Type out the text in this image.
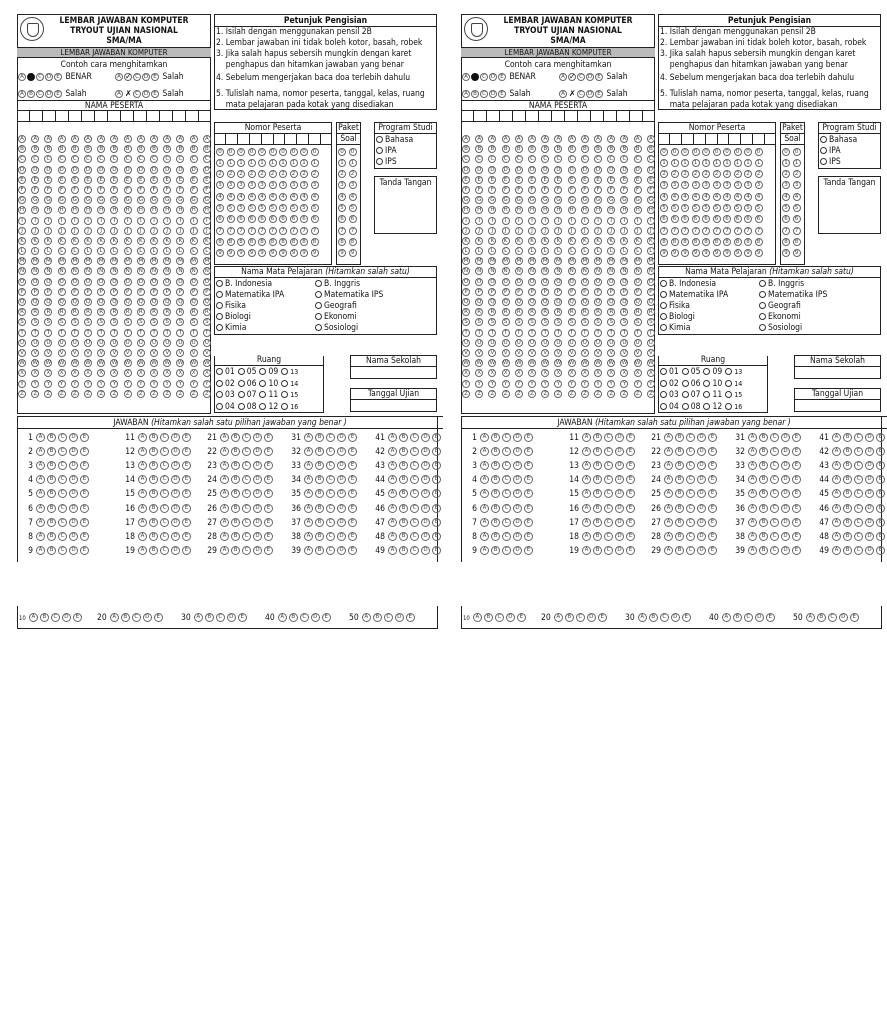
LEMBAR JAWABAN KOMPUTER
TRYOUT UJIAN NASIONAL
SMA/MA
LEMBAR JAWABAN KOMPUTER
Contoh cara menghitamkan
A	C D E BENAR	A ✓ C D E Salah
A B C D E Salah	A ✗ C D E Salah
NAMA PESERTA
A	A	A	A	A	A	A	A	A	A	A	A	A	A	A
B	B	B	B	B	B	B	B	B	B	B	B	B	B	B
C	C	C	C	C	C	C	C	C	C	C	C	C	C	C
D	D	D	D	D	D	D	D	D	D	D	D	D	D	D
E	E	E	E	E	E	E	E	E	E	E	E	E	E	E
F	F	F	F	F	F	F	F	F	F	F	F	F	F	F
G	G	G	G	G	G	G	G	G	G	G	G	G	G	G
H	H	H	H	H	H	H	H	H	H	H	H	H	H	H
I	I	I	I	I	I	I	I	I	I	I	I	I	I	I
J	J	J	J	J	J	J	J	J	J	J	J	J	J	J
K	K	K	K	K	K	K	K	K	K	K	K	K	K	K
L	L	L	L	L	L	L	L	L	L	L	L	L	L	L
M M M M M M M M M M M M M M M
N	N	N	N	N	N	N	N	N	N	N	N	N	N	N
O	O	O	O	O	O	O	O	O	O	O	O	O	O	O
P	P	P	P	P	P	P	P	P	P	P	P	P	P	P
Q	Q	Q	Q	Q	Q	Q	Q	Q	Q	Q	Q	Q	Q	Q
R	R	R	R	R	R	R	R	R	R	R	R	R	R	R
S	S	S	S	S	S	S	S	S	S	S	S	S	S	S
T	T	T	T	T	T	T	T	T	T	T	T	T	T	T
U	U	U	U	U	U	U	U	U	U	U	U	U	U	U
V	V	V	V	V	V	V	V	V	V	V	V	V	V	V
W W W W W W W W W W W W W W W
X	X	X	X	X	X	X	X	X	X	X	X	X	X	X
Y	Y	Y	Y	Y	Y	Y	Y	Y	Y	Y	Y	Y	Y	Y
Z	Z	Z	Z	Z	Z	Z	Z	Z	Z	Z	Z	Z	Z	Z
Petunjuk Pengisian
1. Isilah dengan menggunakan pensil 2B
2. Lembar jawaban ini tidak boleh kotor, basah, robek
3. Jika salah hapus sebersih mungkin dengan karet
penghapus dan hitamkan jawaban yang benar
4. Sebelum mengerjakan baca doa terlebih dahulu
5. Tulislah nama, nomor peserta, tanggal, kelas, ruang
mata pelajaran pada kotak yang disediakan
Nomor Peserta
0 0 0 0 0 0 0 0 0 0
1 1 1 1 1 1 1 1 1 1
2 2 2 2 2 2 2 2 2 2
3 3 3 3 3 3 3 3 3 3
4 4 4 4 4 4 4 4 4 4
5 5 5 5 5 5 5 5 5 5
6 6 6 6 6 6 6 6 6 6
7 7 7 7 7 7 7 7 7 7
8 8 8 8 8 8 8 8 8 8
9 9 9 9 9 9 9 9 9 9
Paket
Soal
0 0
1 1
2 2
3 3
4 4
5 5
6 6
7 7
8 8
9 9
Program Studi
Bahasa
IPA
IPS
Tanda Tangan
Nama Mata Pelajaran (Hitamkan salah satu)
B. Indonesia
Matematika IPA
Fisika
Biologi
Kimia
B. Inggris
Matematika IPS
Geografi
Ekonomi
Sosiologi
Ruang
01 05 09 13
02 06 10 14
03 07 11 15
04 08 12 16
Nama Sekolah
Tanggal Ujian
JAWABAN (Hitamkan salah satu pilihan jawaban yang benar )
1 A B C D E	11 A B C D E	21 A B C D E	31 A B C D E	41 A B C D E
2 A B C D E	12 A B C D E	22 A B C D E	32 A B C D E	42 A B C D E
3 A B C D E	13 A B C D E	23 A B C D E	33 A B C D E	43 A B C D E
4 A B C D E	14 A B C D E	24 A B C D E	34 A B C D E	44 A B C D E
5 A B C D E	15 A B C D E	25 A B C D E	35 A B C D E	45 A B C D E
6 A B C D E	16 A B C D E	26 A B C D E	36 A B C D E	46 A B C D E
7 A B C D E	17 A B C D E	27 A B C D E	37 A B C D E	47 A B C D E
8 A B C D E	18 A B C D E	28 A B C D E	38 A B C D E	48 A B C D E
9 A B C D E	19 A B C D E	29 A B C D E	39 A B C D E	49 A B C D E
10 A B C D E	20 A B C D E	30 A B C D E	40 A B C D E	50 A B C D E
LEMBAR JAWABAN KOMPUTER
TRYOUT UJIAN NASIONAL
SMA/MA
LEMBAR JAWABAN KOMPUTER
Contoh cara menghitamkan
A	C D E BENAR	A ✓ C D E Salah
A B C D E Salah	A ✗ C D E Salah
NAMA PESERTA
A	A	A	A	A	A	A	A	A	A	A	A	A	A	A
B	B	B	B	B	B	B	B	B	B	B	B	B	B	B
C	C	C	C	C	C	C	C	C	C	C	C	C	C	C
D	D	D	D	D	D	D	D	D	D	D	D	D	D	D
E	E	E	E	E	E	E	E	E	E	E	E	E	E	E
F	F	F	F	F	F	F	F	F	F	F	F	F	F	F
G	G	G	G	G	G	G	G	G	G	G	G	G	G	G
H	H	H	H	H	H	H	H	H	H	H	H	H	H	H
I	I	I	I	I	I	I	I	I	I	I	I	I	I	I
J	J	J	J	J	J	J	J	J	J	J	J	J	J	J
K	K	K	K	K	K	K	K	K	K	K	K	K	K	K
L	L	L	L	L	L	L	L	L	L	L	L	L	L	L
M M M M M M M M M M M M M M M
N	N	N	N	N	N	N	N	N	N	N	N	N	N	N
O	O	O	O	O	O	O	O	O	O	O	O	O	O	O
P	P	P	P	P	P	P	P	P	P	P	P	P	P	P
Q	Q	Q	Q	Q	Q	Q	Q	Q	Q	Q	Q	Q	Q	Q
R	R	R	R	R	R	R	R	R	R	R	R	R	R	R
S	S	S	S	S	S	S	S	S	S	S	S	S	S	S
T	T	T	T	T	T	T	T	T	T	T	T	T	T	T
U	U	U	U	U	U	U	U	U	U	U	U	U	U	U
V	V	V	V	V	V	V	V	V	V	V	V	V	V	V
W W W W W W W W W W W W W W W
X	X	X	X	X	X	X	X	X	X	X	X	X	X	X
Y	Y	Y	Y	Y	Y	Y	Y	Y	Y	Y	Y	Y	Y	Y
Z	Z	Z	Z	Z	Z	Z	Z	Z	Z	Z	Z	Z	Z	Z
Petunjuk Pengisian
1. Isilah dengan menggunakan pensil 2B
2. Lembar jawaban ini tidak boleh kotor, basah, robek
3. Jika salah hapus sebersih mungkin dengan karet
penghapus dan hitamkan jawaban yang benar
4. Sebelum mengerjakan baca doa terlebih dahulu
5. Tulislah nama, nomor peserta, tanggal, kelas, ruang
mata pelajaran pada kotak yang disediakan
Nomor Peserta
0 0 0 0 0 0 0 0 0 0
1 1 1 1 1 1 1 1 1 1
2 2 2 2 2 2 2 2 2 2
3 3 3 3 3 3 3 3 3 3
4 4 4 4 4 4 4 4 4 4
5 5 5 5 5 5 5 5 5 5
6 6 6 6 6 6 6 6 6 6
7 7 7 7 7 7 7 7 7 7
8 8 8 8 8 8 8 8 8 8
9 9 9 9 9 9 9 9 9 9
Paket
Soal
0 0
1 1
2 2
3 3
4 4
5 5
6 6
7 7
8 8
9 9
Program Studi
Bahasa
IPA
IPS
Tanda Tangan
Nama Mata Pelajaran (Hitamkan salah satu)
B. Indonesia
Matematika IPA
Fisika
Biologi
Kimia
B. Inggris
Matematika IPS
Geografi
Ekonomi
Sosiologi
Ruang
01 05 09 13
02 06 10 14
03 07 11 15
04 08 12 16
Nama Sekolah
Tanggal Ujian
JAWABAN (Hitamkan salah satu pilihan jawaban yang benar )
1 A B C D E	11 A B C D E	21 A B C D E	31 A B C D E	41 A B C D E
2 A B C D E	12 A B C D E	22 A B C D E	32 A B C D E	42 A B C D E
3 A B C D E	13 A B C D E	23 A B C D E	33 A B C D E	43 A B C D E
4 A B C D E	14 A B C D E	24 A B C D E	34 A B C D E	44 A B C D E
5 A B C D E	15 A B C D E	25 A B C D E	35 A B C D E	45 A B C D E
6 A B C D E	16 A B C D E	26 A B C D E	36 A B C D E	46 A B C D E
7 A B C D E	17 A B C D E	27 A B C D E	37 A B C D E	47 A B C D E
8 A B C D E	18 A B C D E	28 A B C D E	38 A B C D E	48 A B C D E
9 A B C D E	19 A B C D E	29 A B C D E	39 A B C D E	49 A B C D E
10 A B C D E	20 A B C D E	30 A B C D E	40 A B C D E	50 A B C D E
